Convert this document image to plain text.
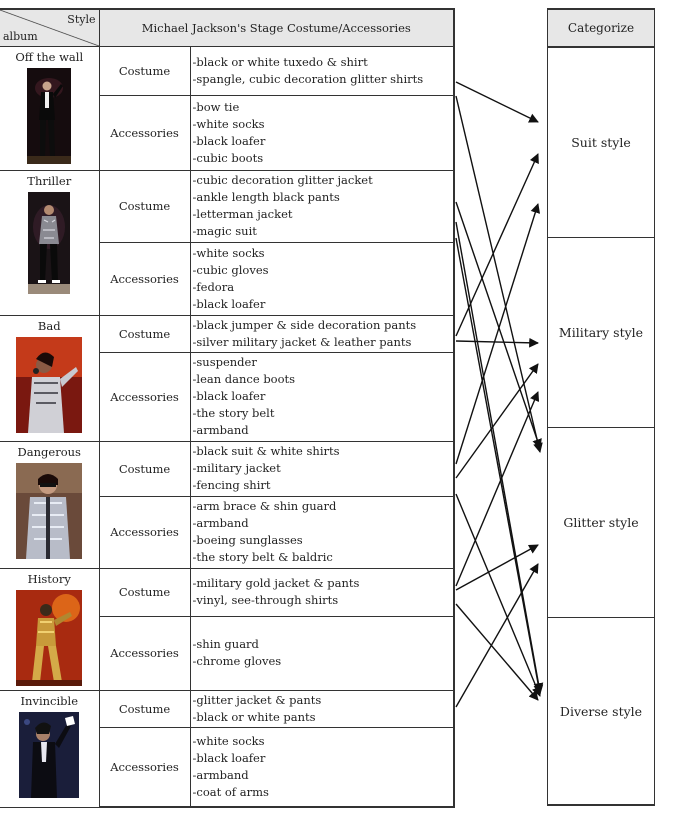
Style
album	Michael Jackson's Stage Costume/Accessories	

Off the wall	Costume	-black or white tuxedo & shirt
-spangle, cubic decoration glitter shirts

	Accessories	-bow tie
-white socks
-black loafer
-cubic boots

Thriller	Costume	-cubic decoration glitter jacket
-ankle length black pants
-letterman jacket
-magic suit

	Accessories	-white socks
-cubic gloves
-fedora
-black loafer

Bad	Costume	-black jumper & side decoration pants
-silver military jacket & leather pants

	Accessories	-suspender
-lean dance boots
-black loafer
-the story belt
-armband

Dangerous	Costume	-black suit & white shirts
-military jacket
-fencing shirt

	Accessories	-arm brace & shin guard
-armband
-boeing sunglasses
-the story belt & baldric

History	Costume	-military gold jacket & pants
-vinyl, see-through shirts

	Accessories	-shin guard
-chrome gloves

Invincible	Costume	-glitter jacket & pants
-black or white pants

	Accessories	-white socks
-black loafer
-armband
-coat of arms
Categorize
Suit style
Military style
Glitter style
Diverse style
